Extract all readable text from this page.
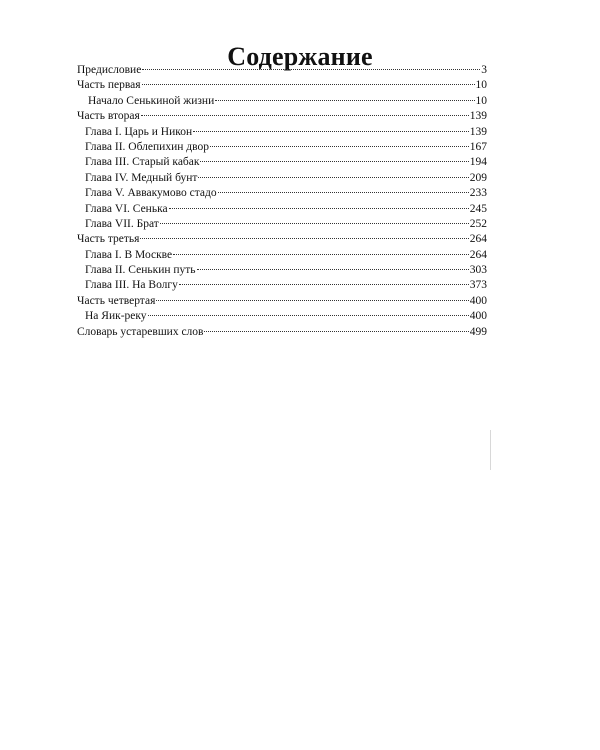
Содержание
Предисловие	3
Часть первая	10
Начало Сенькиной жизни	10
Часть вторая	139
Глава I. Царь и Никон	139
Глава II. Облепихин двор	167
Глава III. Старый кабак	194
Глава IV. Медный бунт	209
Глава V. Аввакумово стадо	233
Глава VI. Сенька	245
Глава VII. Брат	252
Часть третья	264
Глава I. В Москве	264
Глава II. Сенькин путь	303
Глава III. На Волгу	373
Часть четвертая	400
На Яик-реку	400
Словарь устаревших слов	499
